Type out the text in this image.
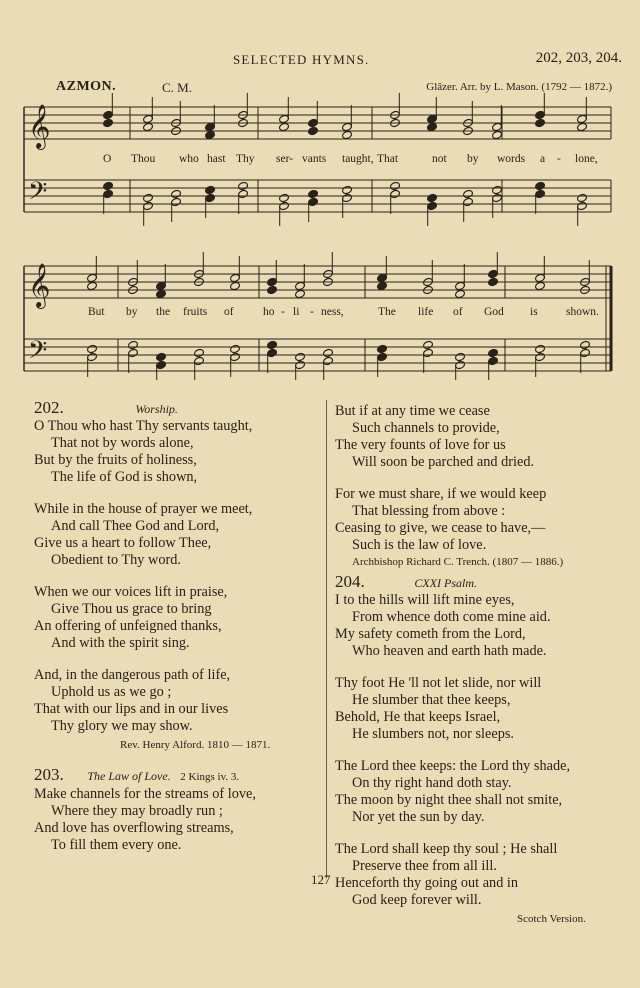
SELECTED HYMNS.	202, 203, 204.
AZMON.	C. M.	Glâzer. Arr. by L. Mason. (1792 — 1872.)
𝄞
𝄢
𝄞
𝄢
O Thou who hast Thy ser- vants taught, That	not by words a - lone,
But by the fruits of	ho - li - ness,	The life of God is shown.
202.	Worship.
O Thou who hast Thy servants taught,
That not by words alone,
But by the fruits of holiness,
The life of God is shown,
While in the house of prayer we meet,
And call Thee God and Lord,
Give us a heart to follow Thee,
Obedient to Thy word.
When we our voices lift in praise,
Give Thou us grace to bring
An offering of unfeigned thanks,
And with the spirit sing.
And, in the dangerous path of life,
Uphold us as we go ;
That with our lips and in our lives
Thy glory we may show.
Rev. Henry Alford. 1810 — 1871.
203. The Law of Love. 2 Kings iv. 3.
Make channels for the streams of love,
Where they may broadly run ;
And love has overflowing streams,
To fill them every one.
But if at any time we cease
Such channels to provide,
The very founts of love for us
Will soon be parched and dried.
For we must share, if we would keep
That blessing from above :
Ceasing to give, we cease to have,—
Such is the law of love.
Archbishop Richard C. Trench. (1807 — 1886.)
204.	CXXI Psalm.
I to the hills will lift mine eyes,
From whence doth come mine aid.
My safety cometh from the Lord,
Who heaven and earth hath made.
Thy foot He 'll not let slide, nor will
He slumber that thee keeps,
Behold, He that keeps Israel,
He slumbers not, nor sleeps.
The Lord thee keeps: the Lord thy shade,
On thy right hand doth stay.
The moon by night thee shall not smite,
Nor yet the sun by day.
The Lord shall keep thy soul ; He shall
Preserve thee from all ill.
Henceforth thy going out and in
God keep forever will.
Scotch Version.
127
